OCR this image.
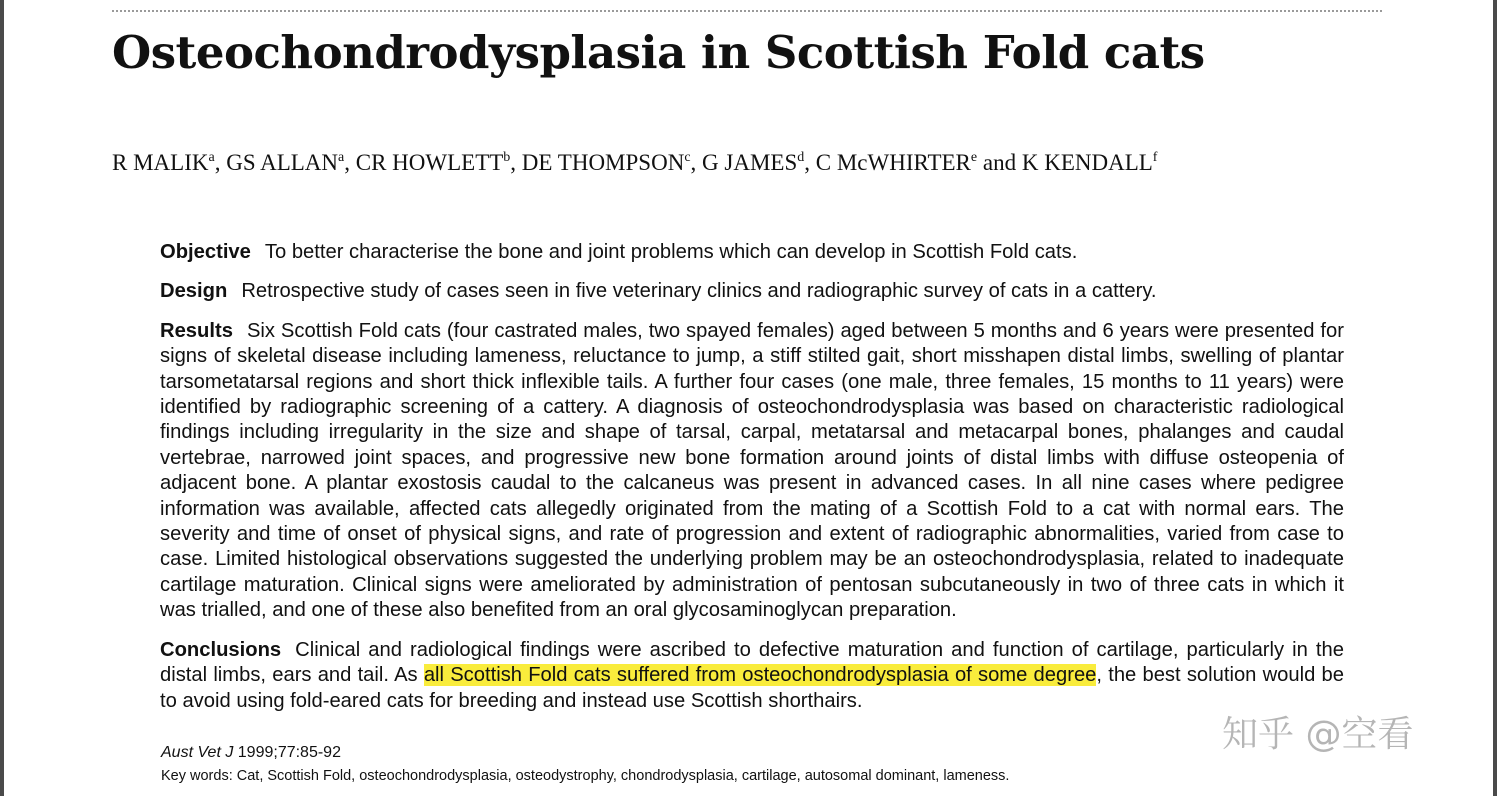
Osteochondrodysplasia in Scottish Fold cats
R MALIK$^a$, GS ALLAN$^a$, CR HOWLETT$^b$, DE THOMPSON$^c$, G JAMES$^d$, C McWHIRTER$^e$ and K KENDALL$^f$

Objective To better characterise the bone and joint problems which can develop in Scottish Fold cats.

Design Retrospective study of cases seen in five veterinary clinics and radiographic survey of cats in a cattery.

Results Six Scottish Fold cats (four castrated males, two spayed females) aged between 5 months and 6 years were presented for signs of skeletal disease including lameness, reluctance to jump, a stiff stilted gait, short misshapen distal limbs, swelling of plantar tarsometatarsal regions and short thick inflexible tails. A further four cases (one male, three females, 15 months to 11 years) were identified by radiographic screening of a cattery. A diagnosis of osteochondrodysplasia was based on characteristic radiological findings including irregularity in the size and shape of tarsal, carpal, metatarsal and metacarpal bones, phalanges and caudal vertebrae, narrowed joint spaces, and progressive new bone formation around joints of distal limbs with diffuse osteopenia of adjacent bone. A plantar exostosis caudal to the calcaneus was present in advanced cases. In all nine cases where pedigree information was available, affected cats allegedly originated from the mating of a Scottish Fold to a cat with normal ears. The severity and time of onset of physical signs, and rate of progression and extent of radiographic abnormalities, varied from case to case. Limited histological observations suggested the underlying problem may be an osteochondrodysplasia, related to inadequate cartilage maturation. Clinical signs were ameliorated by administration of pentosan subcutaneously in two of three cats in which it was trialled, and one of these also benefited from an oral glycosaminoglycan preparation.

Conclusions Clinical and radiological findings were ascribed to defective maturation and function of cartilage, particularly in the distal limbs, ears and tail. As all Scottish Fold cats suffered from osteochondrodysplasia of some degree, the best solution would be to avoid using fold-eared cats for breeding and instead use Scottish shorthairs.

Aust Vet J 1999;77:85-92
Key words: Cat, Scottish Fold, osteochondrodysplasia, osteodystrophy, chondrodysplasia, cartilage, autosomal dominant, lameness.
知乎 @空看
